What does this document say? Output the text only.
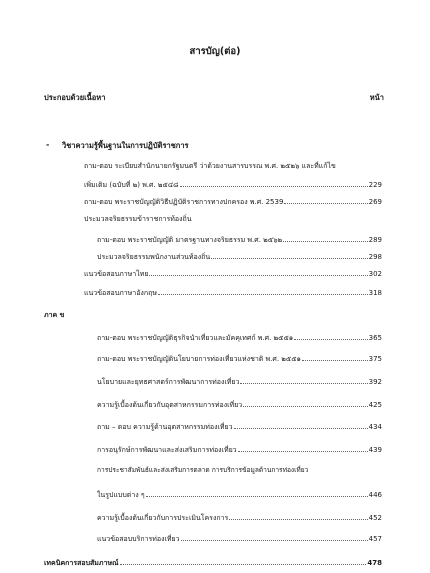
สารบัญ(ต่อ)
ประกอบด้วยเนื้อหา	หน้า
- วิชาความรู้พื้นฐานในการปฏิบัติราชการ
ถาม-ตอบ ระเบียบสำนักนายกรัฐมนตรี ว่าด้วยงานสารบรรณ พ.ศ. ๒๕๒๖ และที่แก้ไข
เพิ่มเติม (ฉบับที่ ๒) พ.ศ. ๒๕๔๘	229
ถาม-ตอบ พระราชบัญญัติวิธีปฏิบัติราชการทางปกครอง พ.ศ. 2539	269
ประมวลจริยธรรมข้าราชการท้องถิ่น
ถาม-ตอบ พระราชบัญญัติ มาตรฐานทางจริยธรรม พ.ศ. ๒๕๖๒	289
ประมวลจริยธรรมพนักงานส่วนท้องถิ่น	298
แนวข้อสอบภาษาไทย	302
แนวข้อสอบภาษาอังกฤษ	318
ภาค ข
ถาม-ตอบ พระราชบัญญัติธุรกิจนำเที่ยวและมัคคุเทศก์ พ.ศ. ๒๕๕๑	365
ถาม-ตอบ พระราชบัญญัตินโยบายการท่องเที่ยวแห่งชาติ พ.ศ. ๒๕๕๑	375
นโยบายและยุทธศาสตร์การพัฒนาการท่องเที่ยว	392
ความรู้เบื้องต้นเกี่ยวกับอุตสาหกรรมการท่องเที่ยว	425
ถาม – ตอบ ความรู้ด้านอุตสาหกรรมท่องเที่ยว	434
การอนุรักษ์การพัฒนาและส่งเสริมการท่องเที่ยว	439
การประชาสัมพันธ์และส่งเสริมการตลาด การบริการข้อมูลด้านการท่องเที่ยว
ในรูปแบบต่าง ๆ	446
ความรู้เบื้องต้นเกี่ยวกับการประเมินโครงการ	452
แนวข้อสอบบริการท่องเที่ยว	457
เทคนิคการสอบสัมภาษณ์	478
